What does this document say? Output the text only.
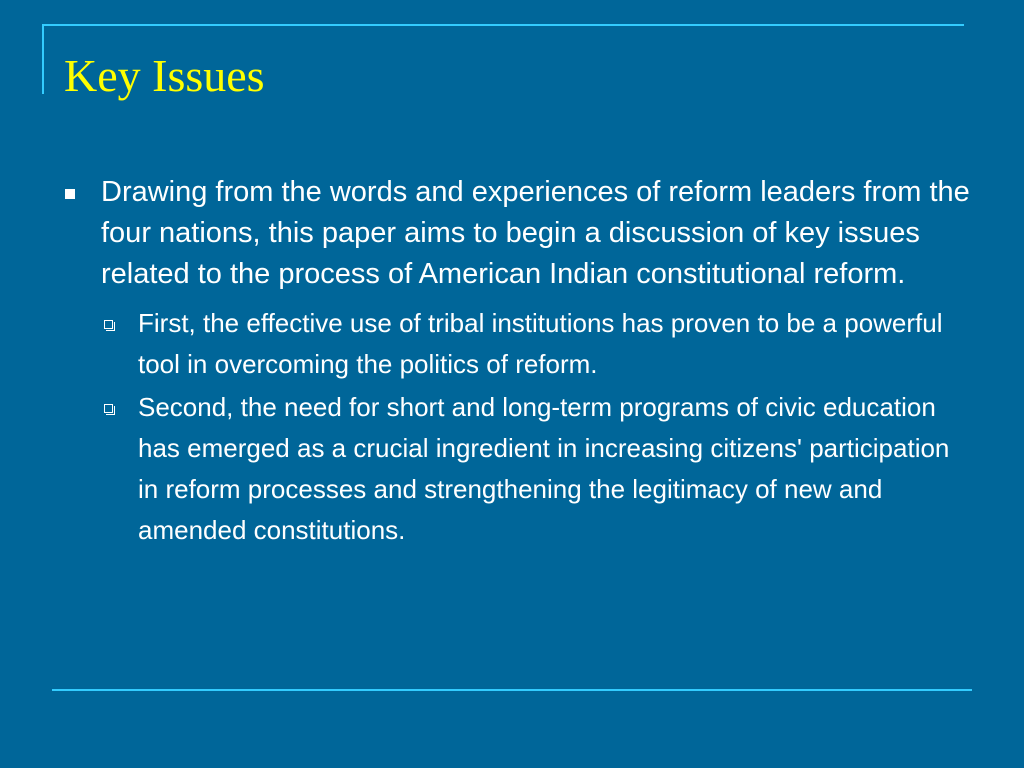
Key Issues
Drawing from the words and experiences of reform leaders from the four nations, this paper aims to begin a discussion of key issues related to the process of American Indian constitutional reform.
First, the effective use of tribal institutions has proven to be a powerful tool in overcoming the politics of reform.
Second, the need for short and long-term programs of civic education has emerged as a crucial ingredient in increasing citizens' participation in reform processes and strengthening the legitimacy of new and amended constitutions.
